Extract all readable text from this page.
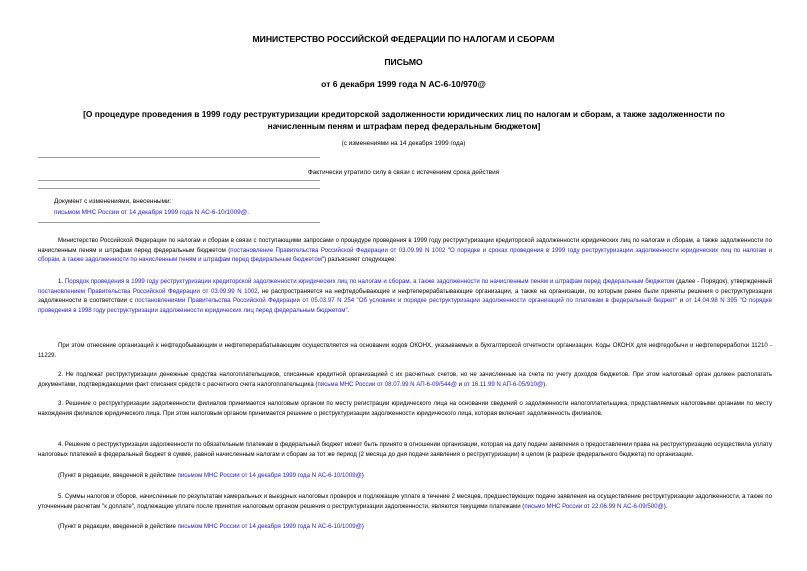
МИНИСТЕРСТВО РОССИЙСКОЙ ФЕДЕРАЦИИ ПО НАЛОГАМ И СБОРАМ
ПИСЬМО
от 6 декабря 1999 года N АС-6-10/970@
[О процедуре проведения в 1999 году реструктуризации кредиторской задолженности юридических лиц по налогам и сборам, а также задолженности по начисленным пеням и штрафам перед федеральным бюджетом]
(с изменениями на 14 декабря 1999 года)
Фактически утратило силу в связи с истечением срока действия
Документ с изменениями, внесенными:
письмом МНС России от 14 декабря 1999 года N АС-6-10/1009@.

Министерство Российской Федерации по налогам и сборам в связи с поступающими запросами о процедуре проведения в 1999 году реструктуризации кредиторской задолженности юридических лиц по налогам и сборам, а также задолженности по начисленным пеням и штрафам перед федеральным бюджетом (постановление Правительства Российской Федерации от 03.09.99 N 1002 "О порядке и сроках проведения в 1999 году реструктуризации задолженности юридических лиц по налогам и сборам, а также задолженности по начисленным пеням и штрафам перед федеральным бюджетом") разъясняет следующее:

1. Порядок проведения в 1999 году реструктуризации кредиторской задолженности юридических лиц по налогам и сборам, а также задолженности по начисленным пеням и штрафам перед федеральным бюджетом (далее - Порядок), утвержденный постановлением Правительства Российской Федерации от 03.09.99 N 1002, не распространяется на нефтедобывающие и нефтеперерабатывающие организации, а также на организации, по которым ранее были приняты решения о реструктуризации задолженности в соответствии с постановлениями Правительства Российской Федерации от 05.03.97 N 254 "Об условиях и порядке реструктуризации задолженности организаций по платежам в федеральный бюджет" и от 14.04.98 N 395 "О порядке проведения в 1998 году реструктуризации задолженности юридических лиц перед федеральным бюджетом".

При этом отнесение организаций к нефтедобывающим и нефтеперерабатывающим осуществляется на основании кодов ОКОНХ, указываемых в бухгалтерской отчетности организации. Коды ОКОНХ для нефтедобычи и нефтепереработки 11210 - 11229.

2. Не подлежат реструктуризации денежные средства налогоплательщиков, списанные кредитной организацией с их расчетных счетов, но не зачисленные на счета по учету доходов бюджетов. При этом налоговый орган должен располагать документами, подтверждающими факт списания средств с расчетного счета налогоплательщика (письма МНС России от 08.07.99 N АП-6-09/544@ и от 16.11.99 N АП-6-05/910@).

3. Решение о реструктуризации задолженности филиалов принимается налоговым органом по месту регистрации юридического лица на основании сведений о задолженности налогоплательщика, представляемых налоговыми органами по месту нахождения филиалов юридического лица. При этом налоговым органом принимается решение о реструктуризации задолженности юридического лица, которая включает задолженность филиалов.

4. Решение о реструктуризации задолженности по обязательным платежам в федеральный бюджет может быть принято в отношении организации, которая на дату подачи заявления о предоставлении права на реструктуризацию осуществила уплату налоговых платежей в федеральный бюджет в сумме, равной начисленным налогам и сборам за тот же период (2 месяца до дня подачи заявления о реструктуризации) в целом (в разрезе федерального бюджета) по организации.

(Пункт в редакции, введенной в действие письмом МНС России от 14 декабря 1999 года N АС-6-10/1009@)

5. Суммы налогов и сборов, начисленные по результатам камеральных и выездных налоговых проверок и подлежащие уплате в течение 2 месяцев, предшествующих подаче заявления на осуществление реструктуризации задолженности, а также по уточненным расчетам "к доплате", подлежащие уплате после принятия налоговым органом решения о реструктуризации задолженности, являются текущими платежами (письмо МНС России от 22.06.99 N АС-6-09/500@).

(Пункт в редакции, введенной в действие письмом МНС России от 14 декабря 1999 года N АС-6-10/1009@)
